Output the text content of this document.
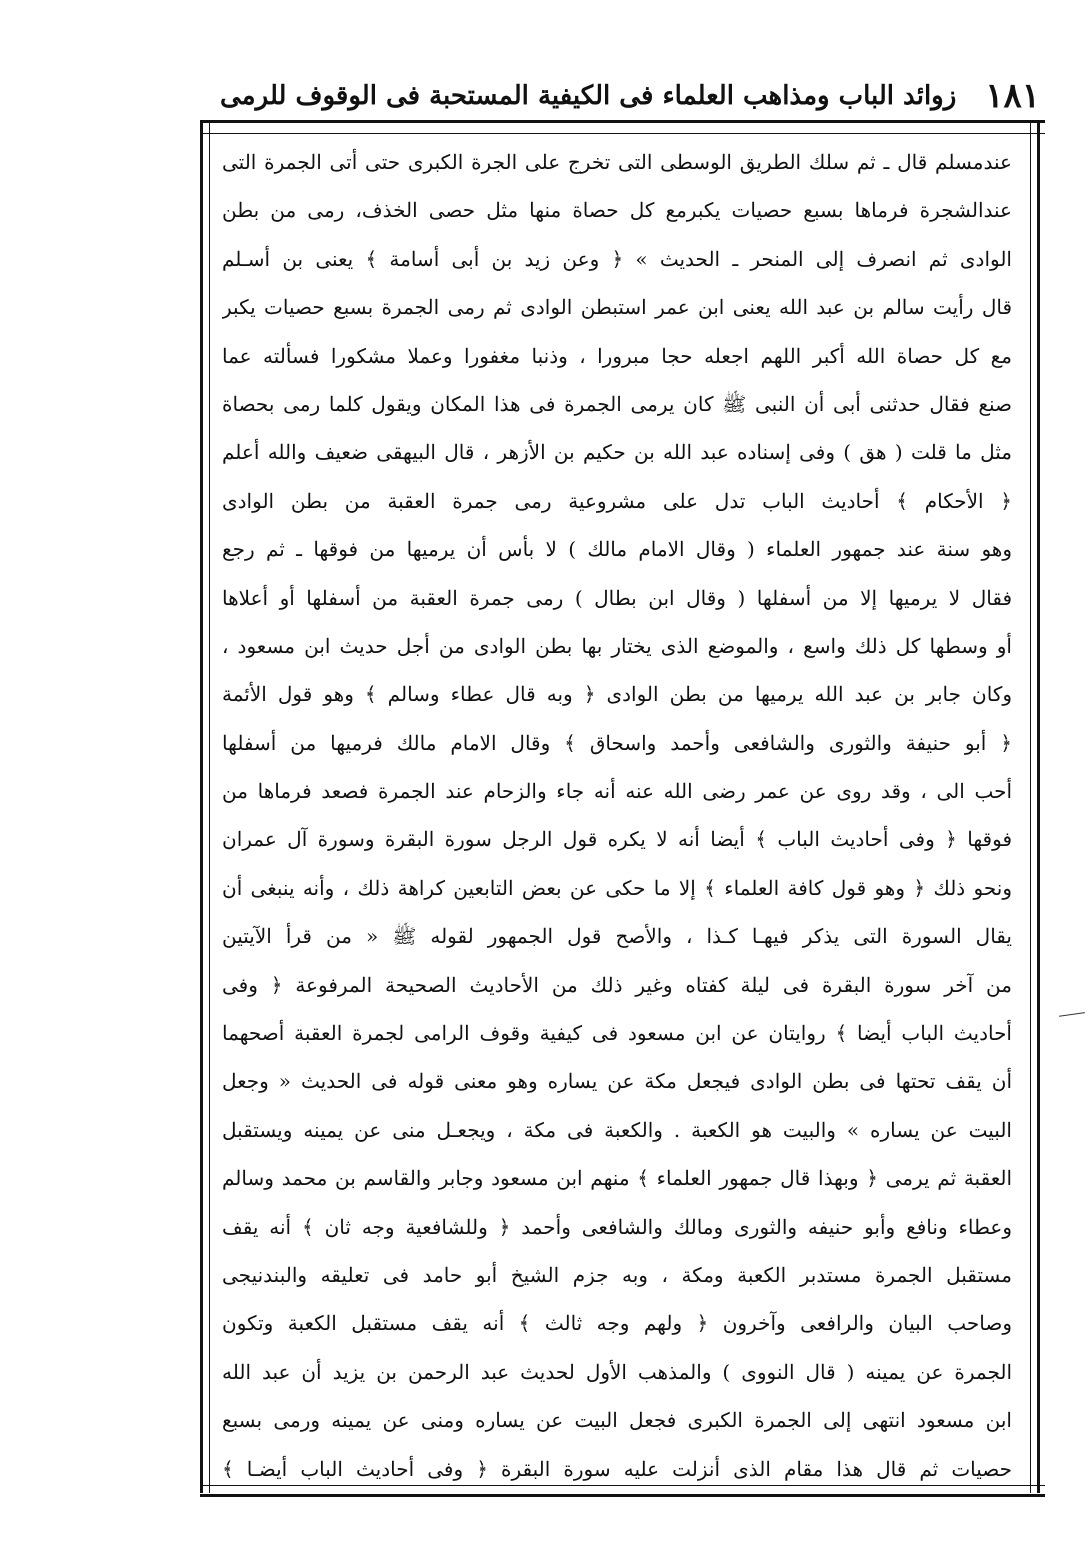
زوائد الباب ومذاهب العلماء فى الكيفية المستحبة فى الوقوف للرمى ١٨١
عندمسلم قال ـ ثم سلك الطريق الوسطى التى تخرج على الجرة الكبرى حتى أتى الجمرة التى
عندالشجرة فرماها بسبع حصيات يكبرمع كل حصاة منها مثل حصى الخذف، رمى من بطن
الوادى ثم انصرف إلى المنحر ـ الحديث » ﴿ وعن زيد بن أبى أسامة ﴾ يعنى بن أسـلم
قال رأيت سالم بن عبد الله يعنى ابن عمر استبطن الوادى ثم رمى الجمرة بسبع حصيات يكبر
مع كل حصاة الله أكبر اللهم اجعله حجا مبرورا ، وذنبا مغفورا وعملا مشكورا فسألته عما
صنع فقال حدثنى أبى أن النبى ﷺ كان يرمى الجمرة فى هذا المكان ويقول كلما رمى بحصاة
مثل ما قلت ( هق ) وفى إسناده عبد الله بن حكيم بن الأزهر ، قال البيهقى ضعيف والله أعلم
﴿ الأحكام ﴾ أحاديث الباب تدل على مشروعية رمى جمرة العقبة من بطن الوادى
وهو سنة عند جمهور العلماء ( وقال الامام مالك ) لا بأس أن يرميها من فوقها ـ ثم رجع
فقال لا يرميها إلا من أسفلها ( وقال ابن بطال ) رمى جمرة العقبة من أسفلها أو أعلاها
أو وسطها كل ذلك واسع ، والموضع الذى يختار بها بطن الوادى من أجل حديث ابن مسعود ،
وكان جابر بن عبد الله يرميها من بطن الوادى ﴿ وبه قال عطاء وسالم ﴾ وهو قول الأئمة
﴿ أبو حنيفة والثورى والشافعى وأحمد واسحاق ﴾ وقال الامام مالك فرميها من أسفلها
أحب الى ، وقد روى عن عمر رضى الله عنه أنه جاء والزحام عند الجمرة فصعد فرماها من
فوقها ﴿ وفى أحاديث الباب ﴾ أيضا أنه لا يكره قول الرجل سورة البقرة وسورة آل عمران
ونحو ذلك ﴿ وهو قول كافة العلماء ﴾ إلا ما حكى عن بعض التابعين كراهة ذلك ، وأنه ينبغى أن
يقال السورة التى يذكر فيهـا كـذا ، والأصح قول الجمهور لقوله ﷺ « من قرأ الآيتين
من آخر سورة البقرة فى ليلة كفتاه وغير ذلك من الأحاديث الصحيحة المرفوعة ﴿ وفى
أحاديث الباب أيضا ﴾ روايتان عن ابن مسعود فى كيفية وقوف الرامى لجمرة العقبة أصحهما
أن يقف تحتها فى بطن الوادى فيجعل مكة عن يساره وهو معنى قوله فى الحديث « وجعل
البيت عن يساره » والبيت هو الكعبة . والكعبة فى مكة ، ويجعـل منى عن يمينه ويستقبل
العقبة ثم يرمى ﴿ وبهذا قال جمهور العلماء ﴾ منهم ابن مسعود وجابر والقاسم بن محمد وسالم
وعطاء ونافع وأبو حنيفه والثورى ومالك والشافعى وأحمد ﴿ وللشافعية وجه ثان ﴾ أنه يقف
مستقبل الجمرة مستدبر الكعبة ومكة ، وبه جزم الشيخ أبو حامد فى تعليقه والبندنيجى
وصاحب البيان والرافعى وآخرون ﴿ ولهم وجه ثالث ﴾ أنه يقف مستقبل الكعبة وتكون
الجمرة عن يمينه ( قال النووى ) والمذهب الأول لحديث عبد الرحمن بن يزيد أن عبد الله
ابن مسعود انتهى إلى الجمرة الكبرى فجعل البيت عن يساره ومنى عن يمينه ورمى بسبع
حصيات ثم قال هذا مقام الذى أنزلت عليه سورة البقرة ﴿ وفى أحاديث الباب أيضـا ﴾
